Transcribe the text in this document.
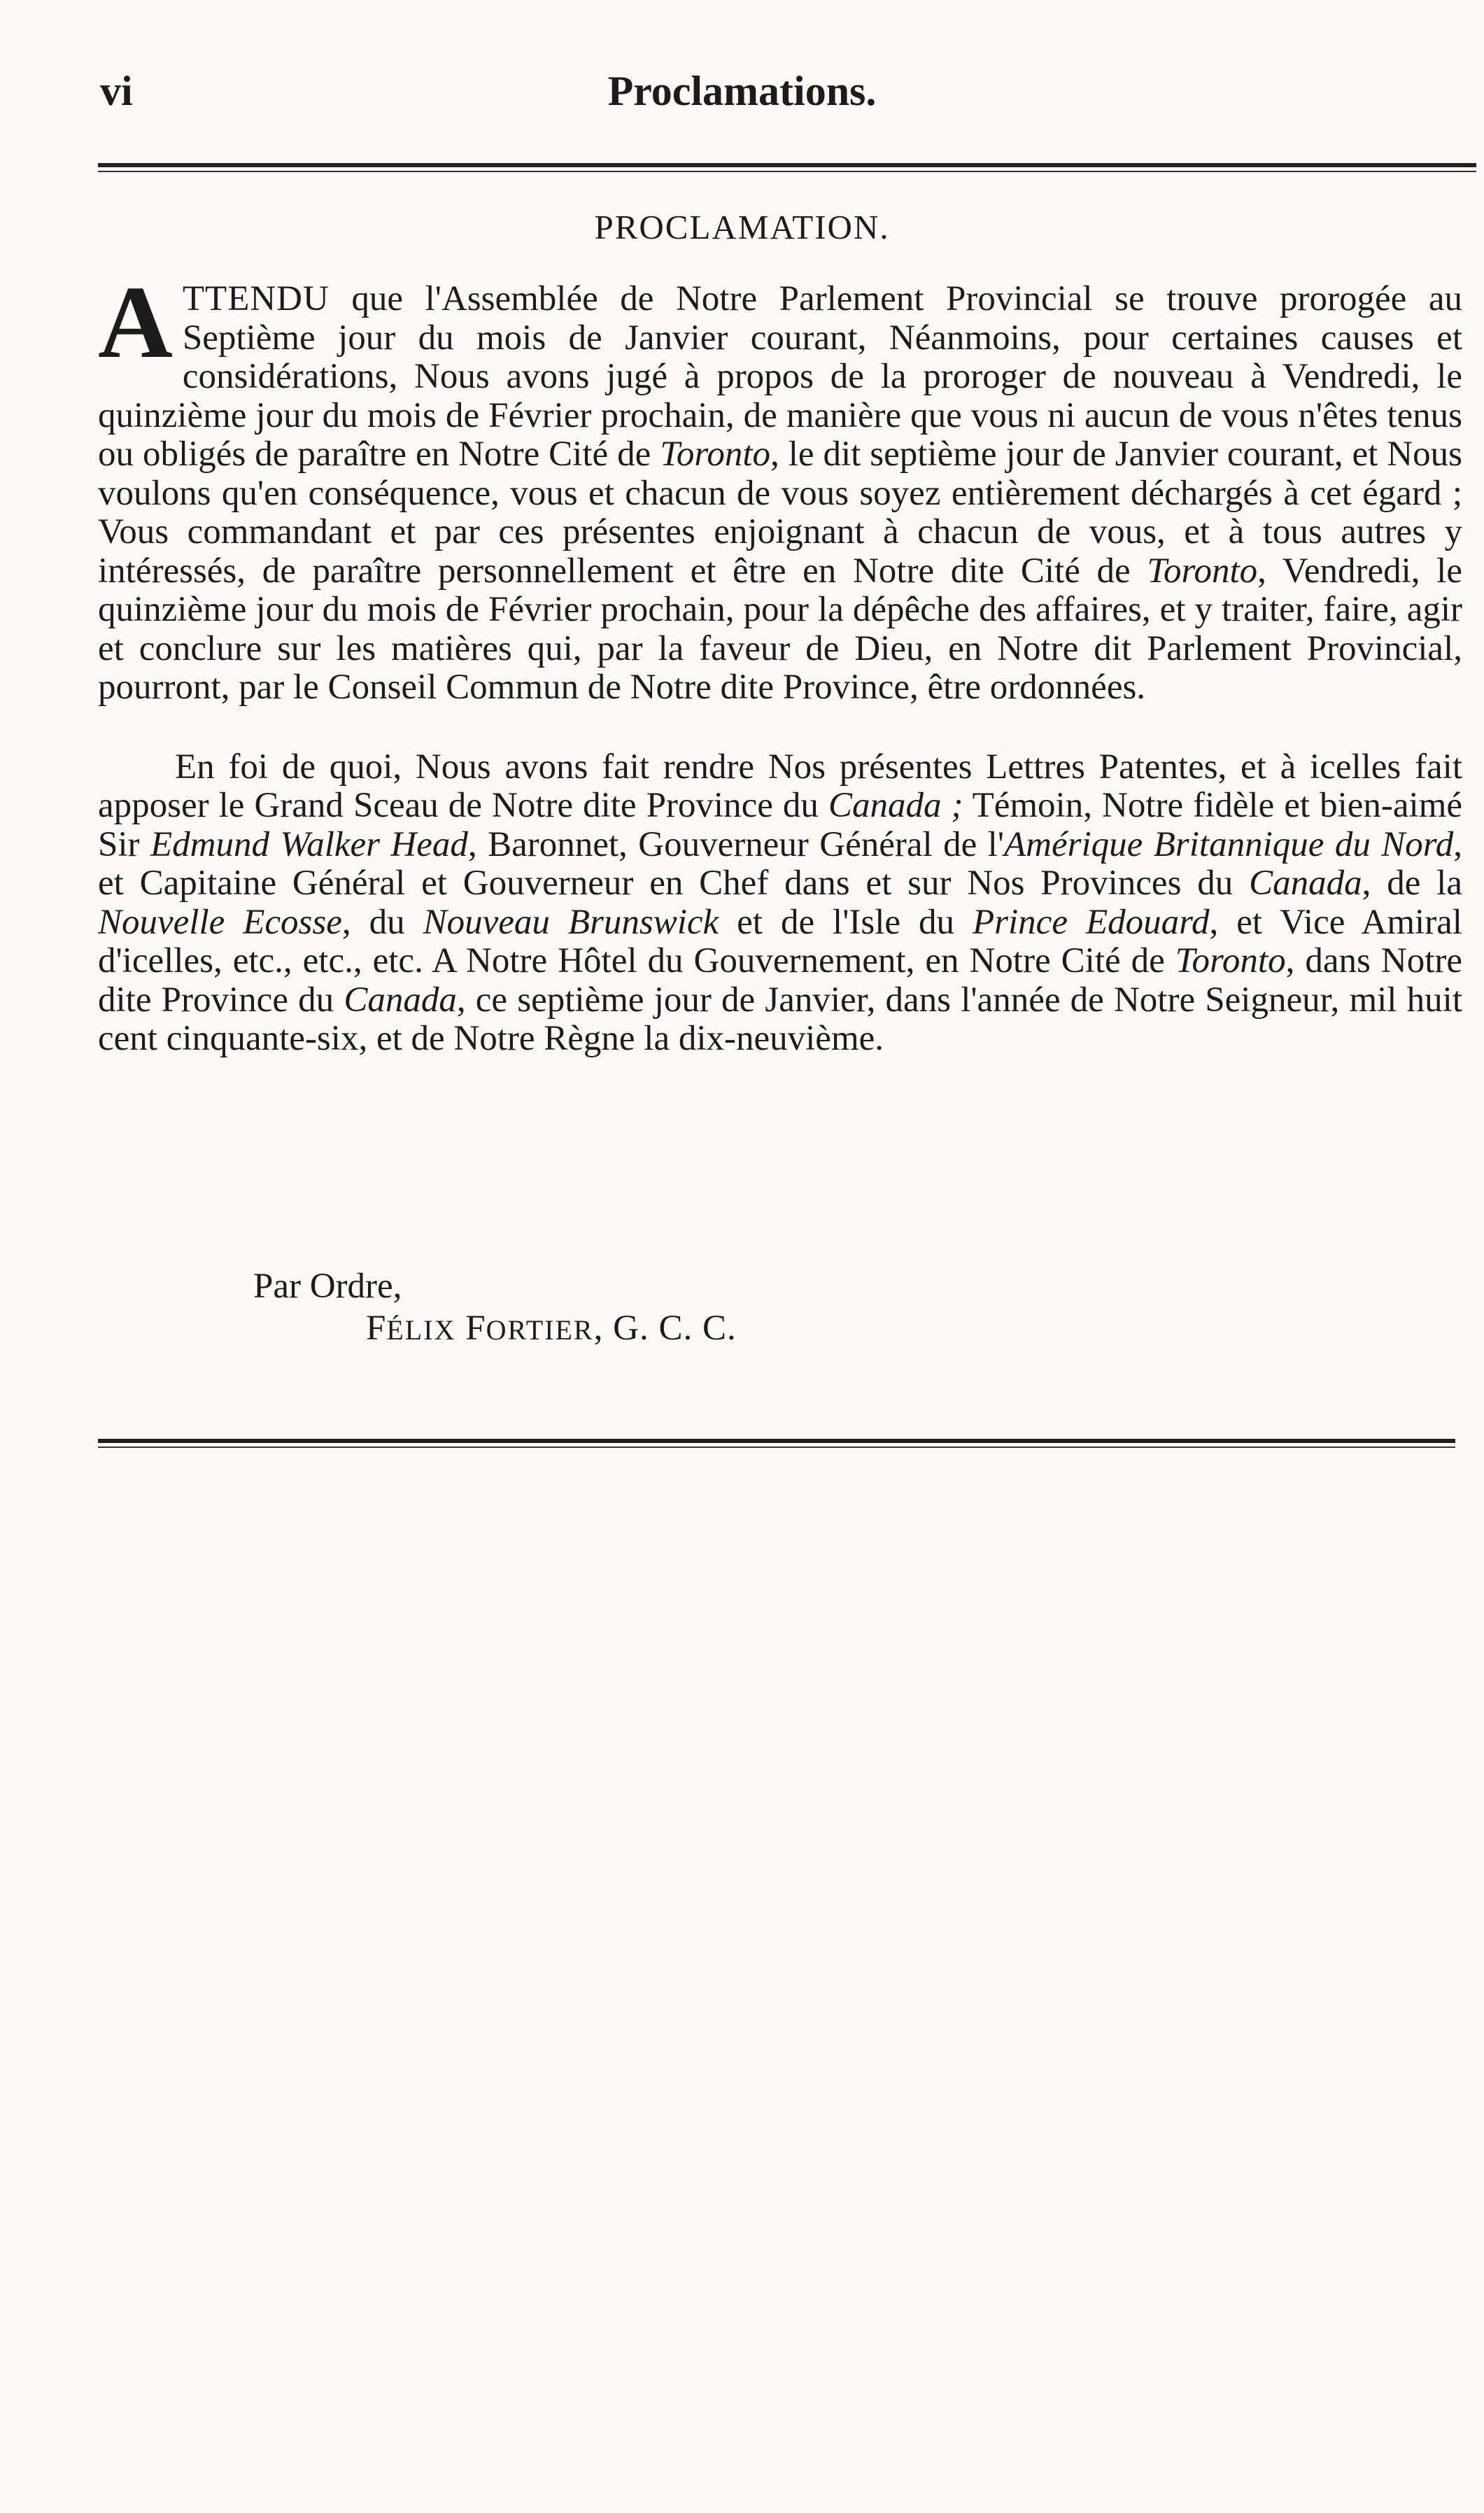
vi	Proclamations.
PROCLAMATION.

ATTENDU que l'Assemblée de Notre Parlement Provincial se trouve prorogée au Septième jour du mois de Janvier courant, Néanmoins, pour certaines causes et considérations, Nous avons jugé à propos de la proroger de nouveau à Vendredi, le quinzième jour du mois de Février prochain, de manière que vous ni aucun de vous n'êtes tenus ou obligés de paraître en Notre Cité de Toronto, le dit septième jour de Janvier courant, et Nous voulons qu'en conséquence, vous et chacun de vous soyez entièrement déchargés à cet égard ; Vous commandant et par ces présentes enjoignant à chacun de vous, et à tous autres y intéressés, de paraître personnellement et être en Notre dite Cité de Toronto, Vendredi, le quinzième jour du mois de Février prochain, pour la dépêche des affaires, et y traiter, faire, agir et conclure sur les matières qui, par la faveur de Dieu, en Notre dit Parlement Provincial, pourront, par le Conseil Commun de Notre dite Province, être ordonnées.

En foi de quoi, Nous avons fait rendre Nos présentes Lettres Patentes, et à icelles fait apposer le Grand Sceau de Notre dite Province du Canada ; Témoin, Notre fidèle et bien-aimé Sir Edmund Walker Head, Baronnet, Gouverneur Général de l'Amérique Britannique du Nord, et Capitaine Général et Gouverneur en Chef dans et sur Nos Provinces du Canada, de la Nouvelle Ecosse, du Nouveau Brunswick et de l'Isle du Prince Edouard, et Vice Amiral d'icelles, etc., etc., etc. A Notre Hôtel du Gouvernement, en Notre Cité de Toronto, dans Notre dite Province du Canada, ce septième jour de Janvier, dans l'année de Notre Seigneur, mil huit cent cinquante-six, et de Notre Règne la dix-neuvième.

Par Ordre,
FÉLIX FORTIER, G. C. C.
